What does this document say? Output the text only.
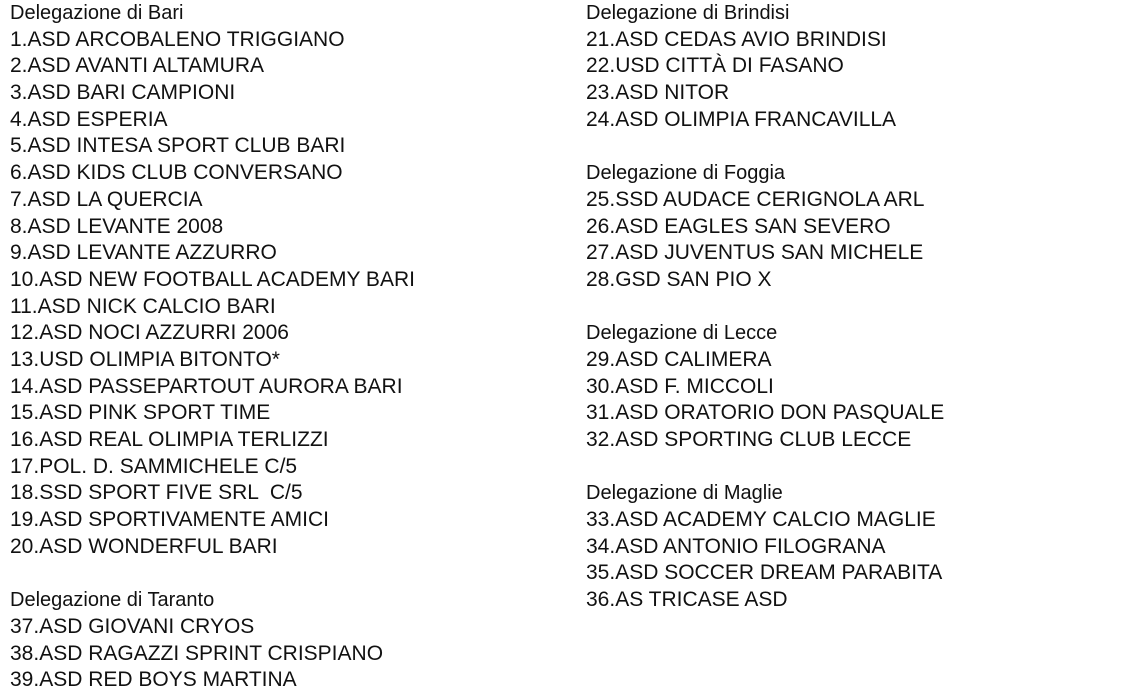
Delegazione di Bari
1.ASD ARCOBALENO TRIGGIANO
2.ASD AVANTI ALTAMURA
3.ASD BARI CAMPIONI
4.ASD ESPERIA
5.ASD INTESA SPORT CLUB BARI
6.ASD KIDS CLUB CONVERSANO
7.ASD LA QUERCIA
8.ASD LEVANTE 2008
9.ASD LEVANTE AZZURRO
10.ASD NEW FOOTBALL ACADEMY BARI
11.ASD NICK CALCIO BARI
12.ASD NOCI AZZURRI 2006
13.USD OLIMPIA BITONTO*
14.ASD PASSEPARTOUT AURORA BARI
15.ASD PINK SPORT TIME
16.ASD REAL OLIMPIA TERLIZZI
17.POL. D. SAMMICHELE C/5
18.SSD SPORT FIVE SRL  C/5
19.ASD SPORTIVAMENTE AMICI
20.ASD WONDERFUL BARI
Delegazione di Taranto
37.ASD GIOVANI CRYOS
38.ASD RAGAZZI SPRINT CRISPIANO
39.ASD RED BOYS MARTINA
Delegazione di Brindisi
21.ASD CEDAS AVIO BRINDISI
22.USD CITTÀ DI FASANO
23.ASD NITOR
24.ASD OLIMPIA FRANCAVILLA
Delegazione di Foggia
25.SSD AUDACE CERIGNOLA ARL
26.ASD EAGLES SAN SEVERO
27.ASD JUVENTUS SAN MICHELE
28.GSD SAN PIO X
Delegazione di Lecce
29.ASD CALIMERA
30.ASD F. MICCOLI
31.ASD ORATORIO DON PASQUALE
32.ASD SPORTING CLUB LECCE
Delegazione di Maglie
33.ASD ACADEMY CALCIO MAGLIE
34.ASD ANTONIO FILOGRANA
35.ASD SOCCER DREAM PARABITA
36.AS TRICASE ASD
